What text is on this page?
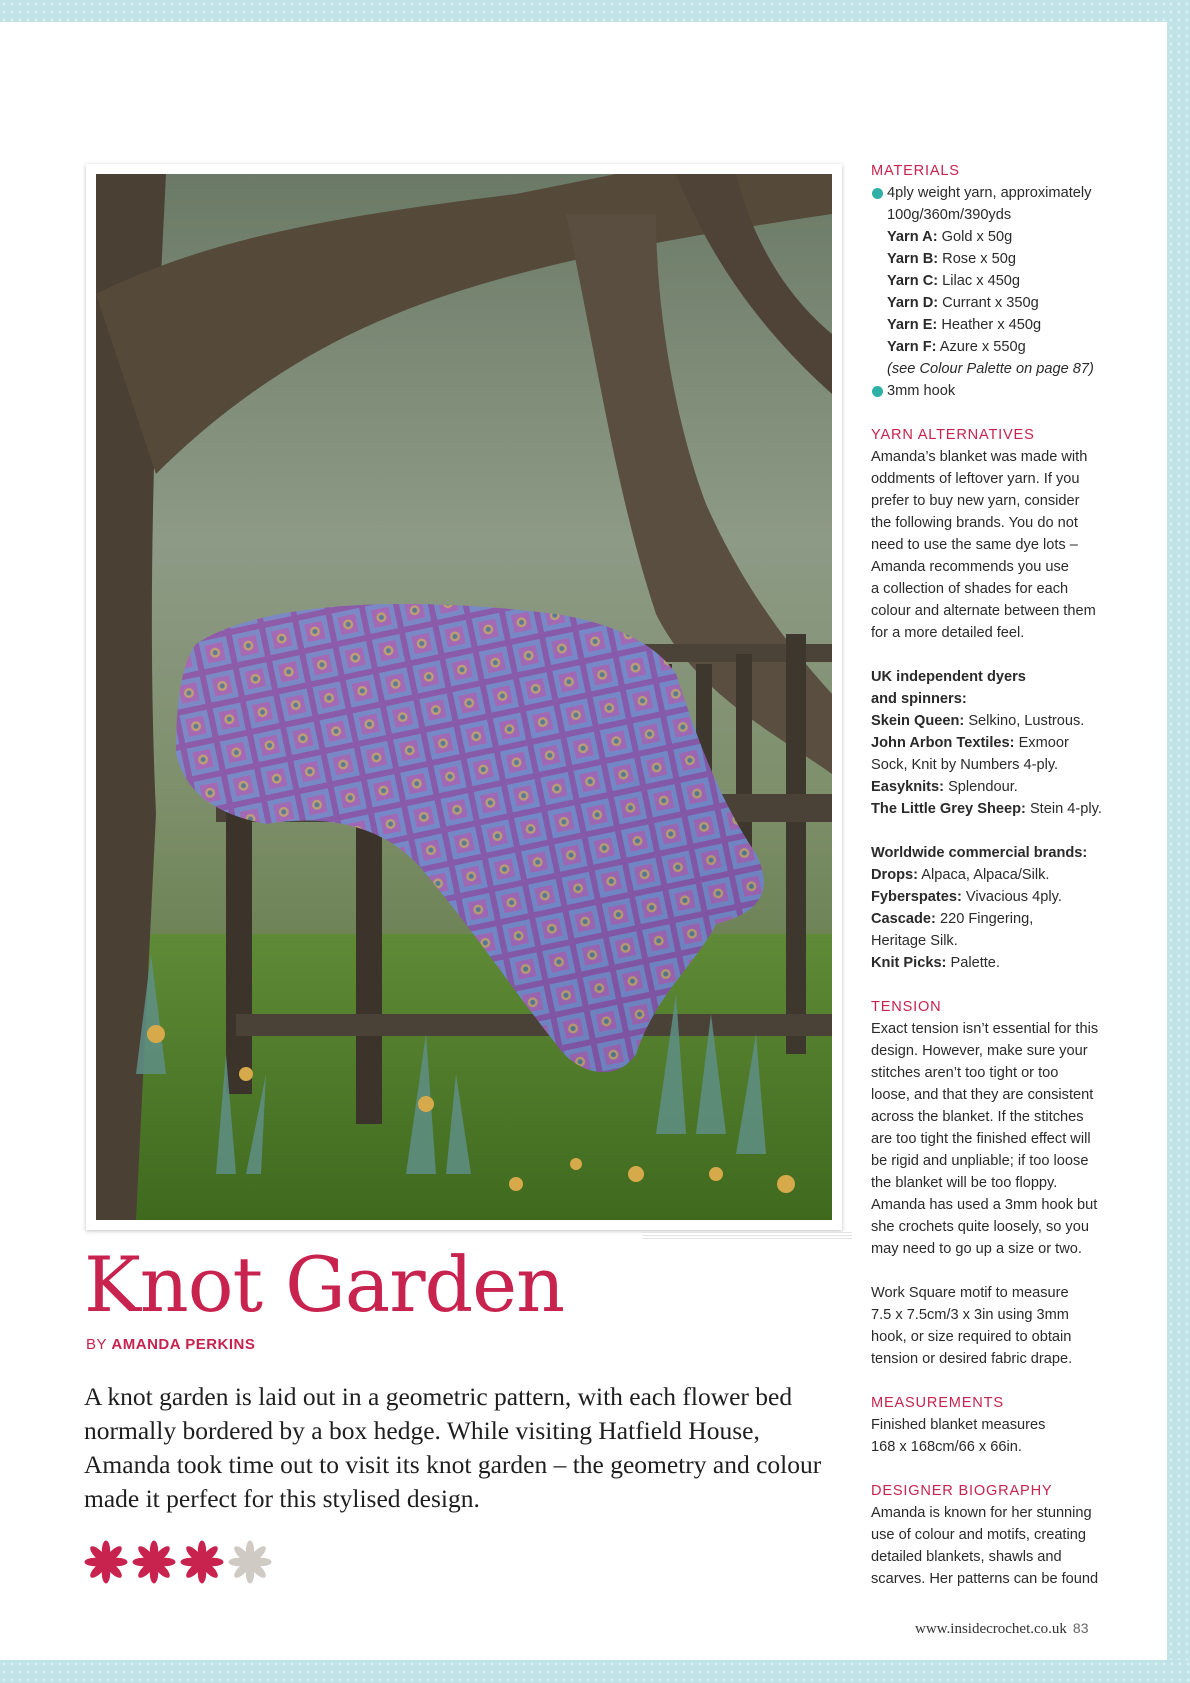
Knot Garden
BY AMANDA PERKINS
A knot garden is laid out in a geometric pattern, with each flower bed normally bordered by a box hedge. While visiting Hatfield House, Amanda took time out to visit its knot garden – the geometry and colour made it perfect for this stylised design.

MATERIALS

4ply weight yarn, approximately

100g/360m/390yds

Yarn A: Gold x 50g

Yarn B: Rose x 50g

Yarn C: Lilac x 450g

Yarn D: Currant x 350g

Yarn E: Heather x 450g

Yarn F: Azure x 550g

(see Colour Palette on page 87)

3mm hook

YARN ALTERNATIVES

Amanda’s blanket was made with

oddments of leftover yarn. If you

prefer to buy new yarn, consider

the following brands. You do not

need to use the same dye lots –

Amanda recommends you use

a collection of shades for each

colour and alternate between them

for a more detailed feel.

UK independent dyers

and spinners:

Skein Queen: Selkino, Lustrous.

John Arbon Textiles: Exmoor

Sock, Knit by Numbers 4-ply.

Easyknits: Splendour.

The Little Grey Sheep: Stein 4-ply.

Worldwide commercial brands:

Drops: Alpaca, Alpaca/Silk.

Fyberspates: Vivacious 4ply.

Cascade: 220 Fingering,

Heritage Silk.

Knit Picks: Palette.

TENSION

Exact tension isn’t essential for this

design. However, make sure your

stitches aren’t too tight or too

loose, and that they are consistent

across the blanket. If the stitches

are too tight the finished effect will

be rigid and unpliable; if too loose

the blanket will be too floppy.

Amanda has used a 3mm hook but

she crochets quite loosely, so you

may need to go up a size or two.

Work Square motif to measure

7.5 x 7.5cm/3 x 3in using 3mm

hook, or size required to obtain

tension or desired fabric drape.

MEASUREMENTS

Finished blanket measures

168 x 168cm/66 x 66in.

DESIGNER BIOGRAPHY

Amanda is known for her stunning

use of colour and motifs, creating

detailed blankets, shawls and

scarves. Her patterns can be found

www.insidecrochet.co.uk 83
